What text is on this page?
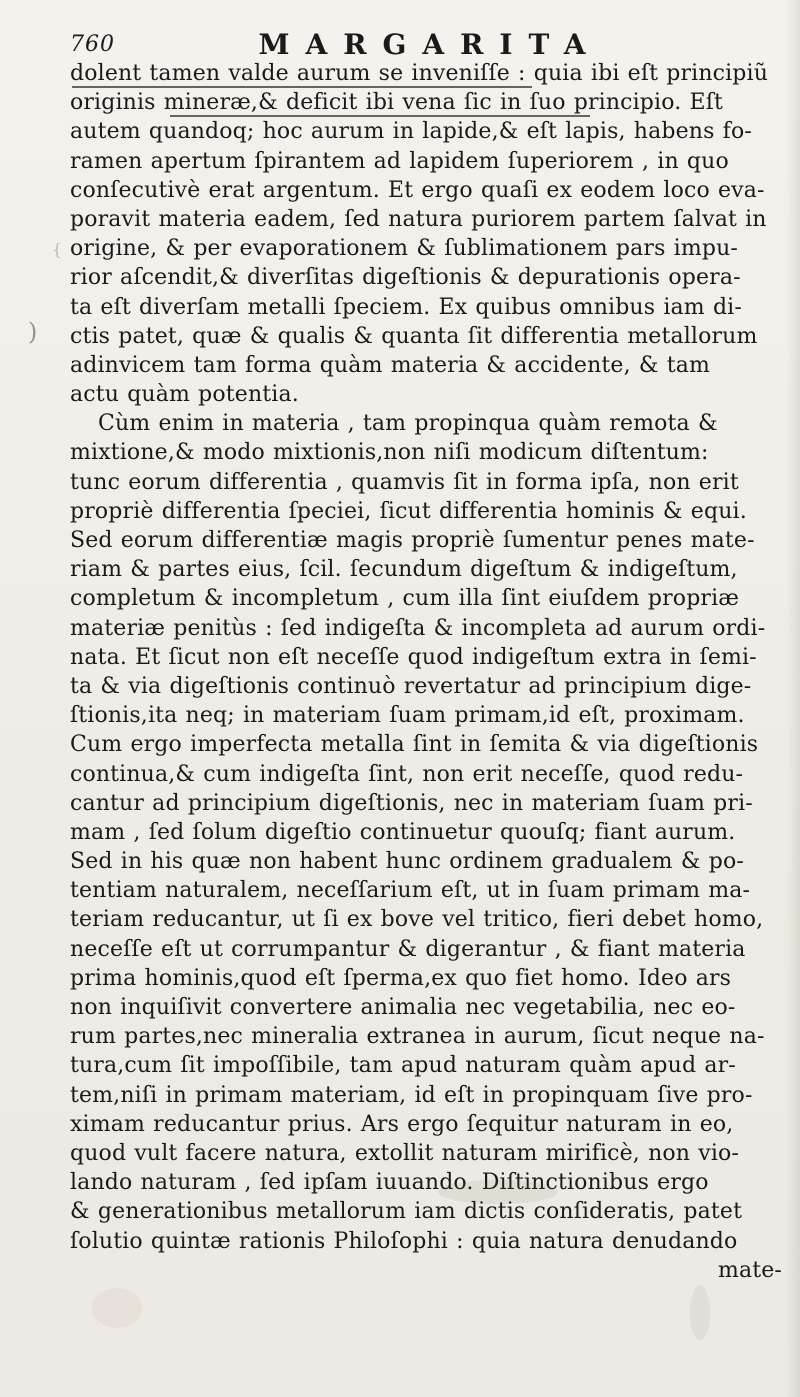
)
{
760	MARGARITA
dolent tamen valde aurum se inveniſſe : quia ibi eſt principiũ
originis mineræ,& deficit ibi vena ſic in ſuo principio. Eſt
autem quandoq; hoc aurum in lapide,& eſt lapis, habens fo-
ramen apertum ſpirantem ad lapidem ſuperiorem , in quo
conſecutivè erat argentum. Et ergo quaſi ex eodem loco eva-
poravit materia eadem, ſed natura puriorem partem ſalvat in
origine, & per evaporationem & ſublimationem pars impu-
rior aſcendit,& diverſitas digeſtionis & depurationis opera-
ta eſt diverſam metalli ſpeciem. Ex quibus omnibus iam di-
ctis patet, quæ & qualis & quanta ſit differentia metallorum
adinvicem tam forma quàm materia & accidente, & tam
actu quàm potentia.
Cùm enim in materia , tam propinqua quàm remota &
mixtione,& modo mixtionis,non niſi modicum diſtentum:
tunc eorum differentia , quamvis ſit in forma ipſa, non erit
propriè differentia ſpeciei, ſicut differentia hominis & equi.
Sed eorum differentiæ magis propriè ſumentur penes mate-
riam & partes eius, ſcil. ſecundum digeſtum & indigeſtum,
completum & incompletum , cum illa ſint eiuſdem propriæ
materiæ penitùs : ſed indigeſta & incompleta ad aurum ordi-
nata. Et ſicut non eſt neceſſe quod indigeſtum extra in ſemi-
ta & via digeſtionis continuò revertatur ad principium dige-
ſtionis,ita neq; in materiam ſuam primam,id eſt, proximam.
Cum ergo imperfecta metalla ſint in ſemita & via digeſtionis
continua,& cum indigeſta ſint, non erit neceſſe, quod redu-
cantur ad principium digeſtionis, nec in materiam ſuam pri-
mam , ſed ſolum digeſtio continuetur quouſq; fiant aurum.
Sed in his quæ non habent hunc ordinem gradualem & po-
tentiam naturalem, neceſſarium eſt, ut in ſuam primam ma-
teriam reducantur, ut ſi ex bove vel tritico, fieri debet homo,
neceſſe eſt ut corrumpantur & digerantur , & fiant materia
prima hominis,quod eſt ſperma,ex quo fiet homo. Ideo ars
non inquiſivit convertere animalia nec vegetabilia, nec eo-
rum partes,nec mineralia extranea in aurum, ſicut neque na-
tura,cum ſit impoſſibile, tam apud naturam quàm apud ar-
tem,niſi in primam materiam, id eſt in propinquam ſive pro-
ximam reducantur prius. Ars ergo ſequitur naturam in eo,
quod vult facere natura, extollit naturam mirificè, non vio-
lando naturam , ſed ipſam iuuando. Diſtinctionibus ergo
& generationibus metallorum iam dictis conſideratis, patet
ſolutio quintæ rationis Philoſophi : quia natura denudando
mate-
